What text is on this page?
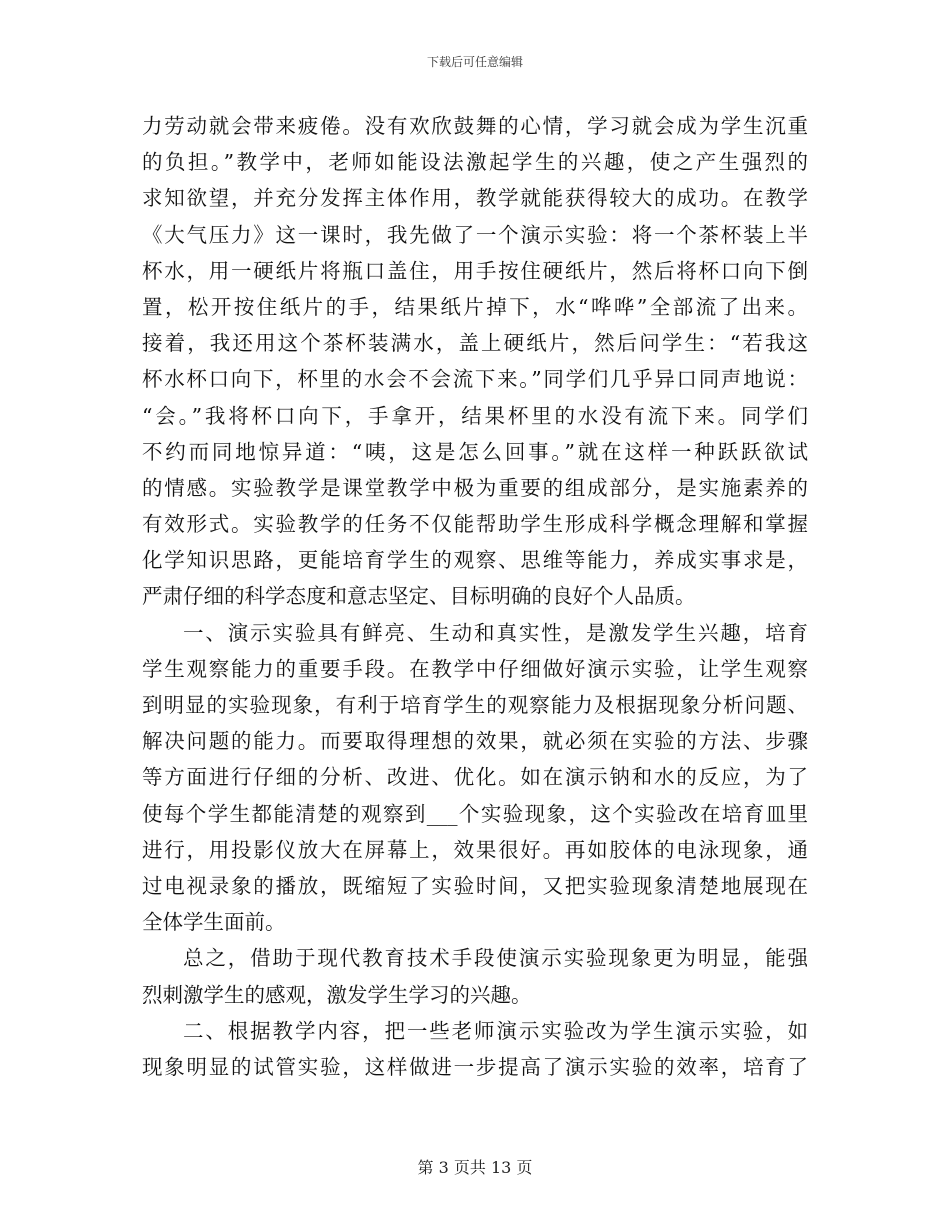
下载后可任意编辑
力劳动就会带来疲倦。没有欢欣鼓舞的心情，学习就会成为学生沉重
的负担。”教学中，老师如能设法激起学生的兴趣，使之产生强烈的
求知欲望，并充分发挥主体作用，教学就能获得较大的成功。在教学
《大气压力》这一课时，我先做了一个演示实验：将一个茶杯装上半
杯水，用一硬纸片将瓶口盖住，用手按住硬纸片，然后将杯口向下倒
置，松开按住纸片的手，结果纸片掉下，水“哗哗”全部流了出来。
接着，我还用这个茶杯装满水，盖上硬纸片，然后问学生：“若我这
杯水杯口向下，杯里的水会不会流下来。”同学们几乎异口同声地说：
“会。”我将杯口向下，手拿开，结果杯里的水没有流下来。同学们
不约而同地惊异道：“咦，这是怎么回事。”就在这样一种跃跃欲试
的情感。实验教学是课堂教学中极为重要的组成部分，是实施素养的
有效形式。实验教学的任务不仅能帮助学生形成科学概念理解和掌握
化学知识思路，更能培育学生的观察、思维等能力，养成实事求是，
严肃仔细的科学态度和意志坚定、目标明确的良好个人品质。
一、演示实验具有鲜亮、生动和真实性，是激发学生兴趣，培育
学生观察能力的重要手段。在教学中仔细做好演示实验，让学生观察
到明显的实验现象，有利于培育学生的观察能力及根据现象分析问题、
解决问题的能力。而要取得理想的效果，就必须在实验的方法、步骤
等方面进行仔细的分析、改进、优化。如在演示钠和水的反应，为了
使每个学生都能清楚的观察到___个实验现象，这个实验改在培育皿里
进行，用投影仪放大在屏幕上，效果很好。再如胶体的电泳现象，通
过电视录象的播放，既缩短了实验时间，又把实验现象清楚地展现在
全体学生面前。
总之，借助于现代教育技术手段使演示实验现象更为明显，能强
烈刺激学生的感观，激发学生学习的兴趣。
二、根据教学内容，把一些老师演示实验改为学生演示实验，如
现象明显的试管实验，这样做进一步提高了演示实验的效率，培育了
第 3 页共 13 页
